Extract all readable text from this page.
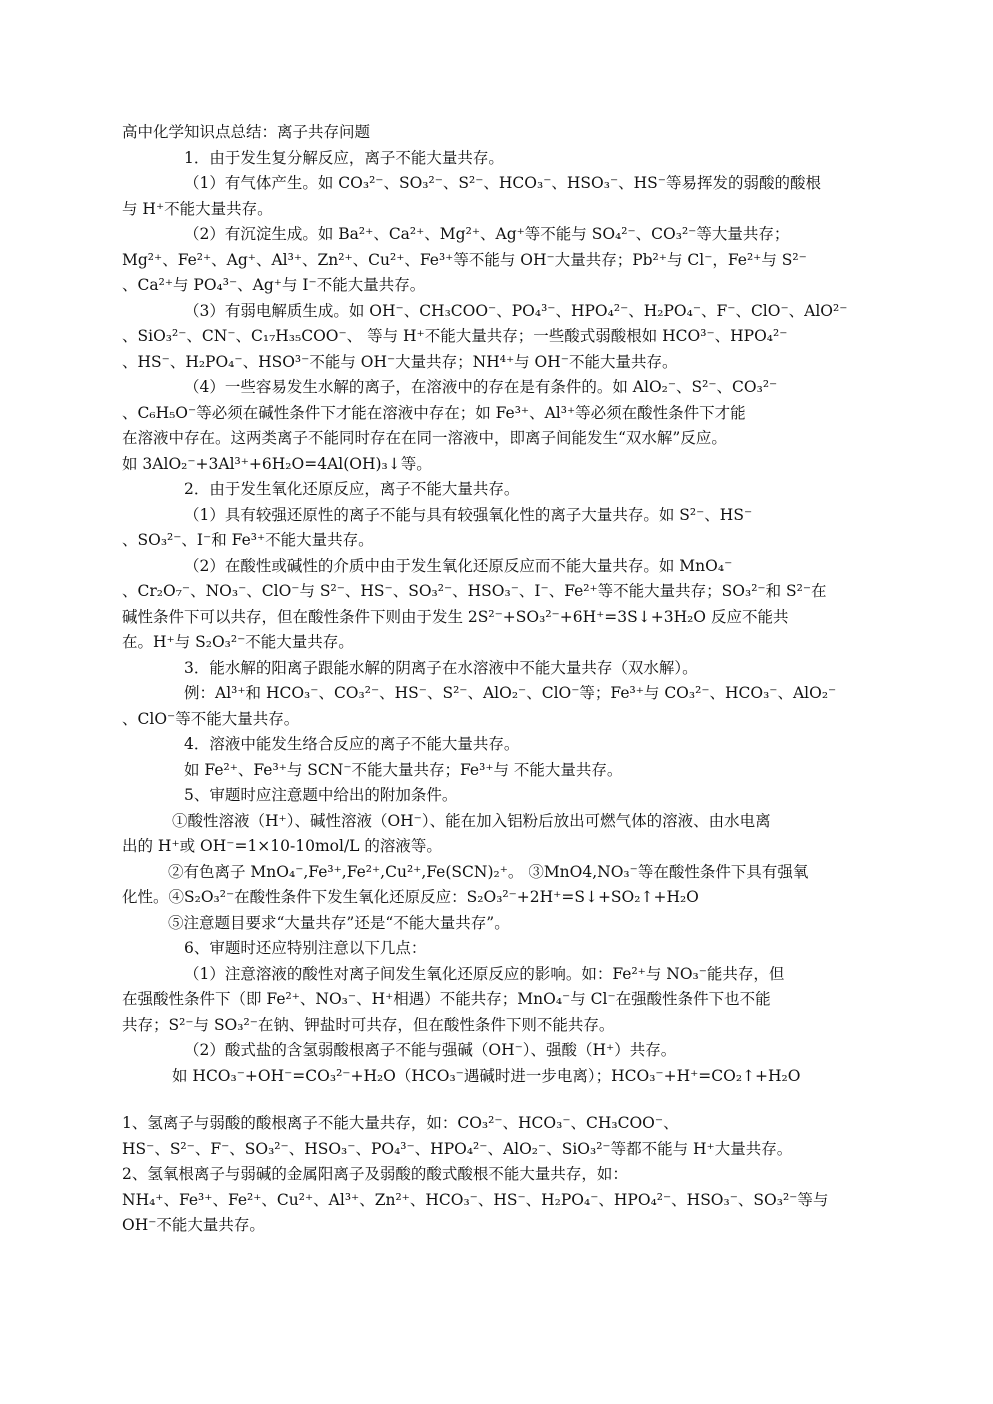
高中化学知识点总结：离子共存问题
1．由于发生复分解反应，离子不能大量共存。
（1）有气体产生。如 CO₃²⁻、SO₃²⁻、S²⁻、HCO₃⁻、HSO₃⁻、HS⁻等易挥发的弱酸的酸根
与 H⁺不能大量共存。
（2）有沉淀生成。如 Ba²⁺、Ca²⁺、Mg²⁺、Ag⁺等不能与 SO₄²⁻、CO₃²⁻等大量共存；
Mg²⁺、Fe²⁺、Ag⁺、Al³⁺、Zn²⁺、Cu²⁺、Fe³⁺等不能与 OH⁻大量共存；Pb²⁺与 Cl⁻，Fe²⁺与 S²⁻
、Ca²⁺与 PO₄³⁻、Ag⁺与 I⁻不能大量共存。
（3）有弱电解质生成。如 OH⁻、CH₃COO⁻、PO₄³⁻、HPO₄²⁻、H₂PO₄⁻、F⁻、ClO⁻、AlO²⁻
、SiO₃²⁻、CN⁻、C₁₇H₃₅COO⁻、 等与 H⁺不能大量共存；一些酸式弱酸根如 HCO³⁻、HPO₄²⁻
、HS⁻、H₂PO₄⁻、HSO³⁻不能与 OH⁻大量共存；NH⁴⁺与 OH⁻不能大量共存。
（4）一些容易发生水解的离子，在溶液中的存在是有条件的。如 AlO₂⁻、S²⁻、CO₃²⁻
、C₆H₅O⁻等必须在碱性条件下才能在溶液中存在；如 Fe³⁺、Al³⁺等必须在酸性条件下才能
在溶液中存在。这两类离子不能同时存在在同一溶液中，即离子间能发生“双水解”反应。
如 3AlO₂⁻+3Al³⁺+6H₂O=4Al(OH)₃↓等。
2．由于发生氧化还原反应，离子不能大量共存。
（1）具有较强还原性的离子不能与具有较强氧化性的离子大量共存。如 S²⁻、HS⁻
、SO₃²⁻、I⁻和 Fe³⁺不能大量共存。
（2）在酸性或碱性的介质中由于发生氧化还原反应而不能大量共存。如 MnO₄⁻
、Cr₂O₇⁻、NO₃⁻、ClO⁻与 S²⁻、HS⁻、SO₃²⁻、HSO₃⁻、I⁻、Fe²⁺等不能大量共存；SO₃²⁻和 S²⁻在
碱性条件下可以共存，但在酸性条件下则由于发生 2S²⁻+SO₃²⁻+6H⁺=3S↓+3H₂O 反应不能共
在。H⁺与 S₂O₃²⁻不能大量共存。
3．能水解的阳离子跟能水解的阴离子在水溶液中不能大量共存（双水解）。
例：Al³⁺和 HCO₃⁻、CO₃²⁻、HS⁻、S²⁻、AlO₂⁻、ClO⁻等；Fe³⁺与 CO₃²⁻、HCO₃⁻、AlO₂⁻
、ClO⁻等不能大量共存。
4．溶液中能发生络合反应的离子不能大量共存。
如 Fe²⁺、Fe³⁺与 SCN⁻不能大量共存；Fe³⁺与 不能大量共存。
5、审题时应注意题中给出的附加条件。
①酸性溶液（H⁺）、碱性溶液（OH⁻）、能在加入铝粉后放出可燃气体的溶液、由水电离
出的 H⁺或 OH⁻=1×10-10mol/L 的溶液等。
②有色离子 MnO₄⁻,Fe³⁺,Fe²⁺,Cu²⁺,Fe(SCN)₂⁺。 ③MnO4,NO₃⁻等在酸性条件下具有强氧
化性。④S₂O₃²⁻在酸性条件下发生氧化还原反应：S₂O₃²⁻+2H⁺=S↓+SO₂↑+H₂O
⑤注意题目要求“大量共存”还是“不能大量共存”。
6、审题时还应特别注意以下几点：
（1）注意溶液的酸性对离子间发生氧化还原反应的影响。如：Fe²⁺与 NO₃⁻能共存，但
在强酸性条件下（即 Fe²⁺、NO₃⁻、H⁺相遇）不能共存；MnO₄⁻与 Cl⁻在强酸性条件下也不能
共存；S²⁻与 SO₃²⁻在钠、钾盐时可共存，但在酸性条件下则不能共存。
（2）酸式盐的含氢弱酸根离子不能与强碱（OH⁻）、强酸（H⁺）共存。
如 HCO₃⁻+OH⁻=CO₃²⁻+H₂O（HCO₃⁻遇碱时进一步电离）；HCO₃⁻+H⁺=CO₂↑+H₂O
1、氢离子与弱酸的酸根离子不能大量共存，如：CO₃²⁻、HCO₃⁻、CH₃COO⁻、
HS⁻、S²⁻、F⁻、SO₃²⁻、HSO₃⁻、PO₄³⁻、HPO₄²⁻、AlO₂⁻、SiO₃²⁻等都不能与 H⁺大量共存。
2、氢氧根离子与弱碱的金属阳离子及弱酸的酸式酸根不能大量共存，如：
NH₄⁺、Fe³⁺、Fe²⁺、Cu²⁺、Al³⁺、Zn²⁺、HCO₃⁻、HS⁻、H₂PO₄⁻、HPO₄²⁻、HSO₃⁻、SO₃²⁻等与
OH⁻不能大量共存。
